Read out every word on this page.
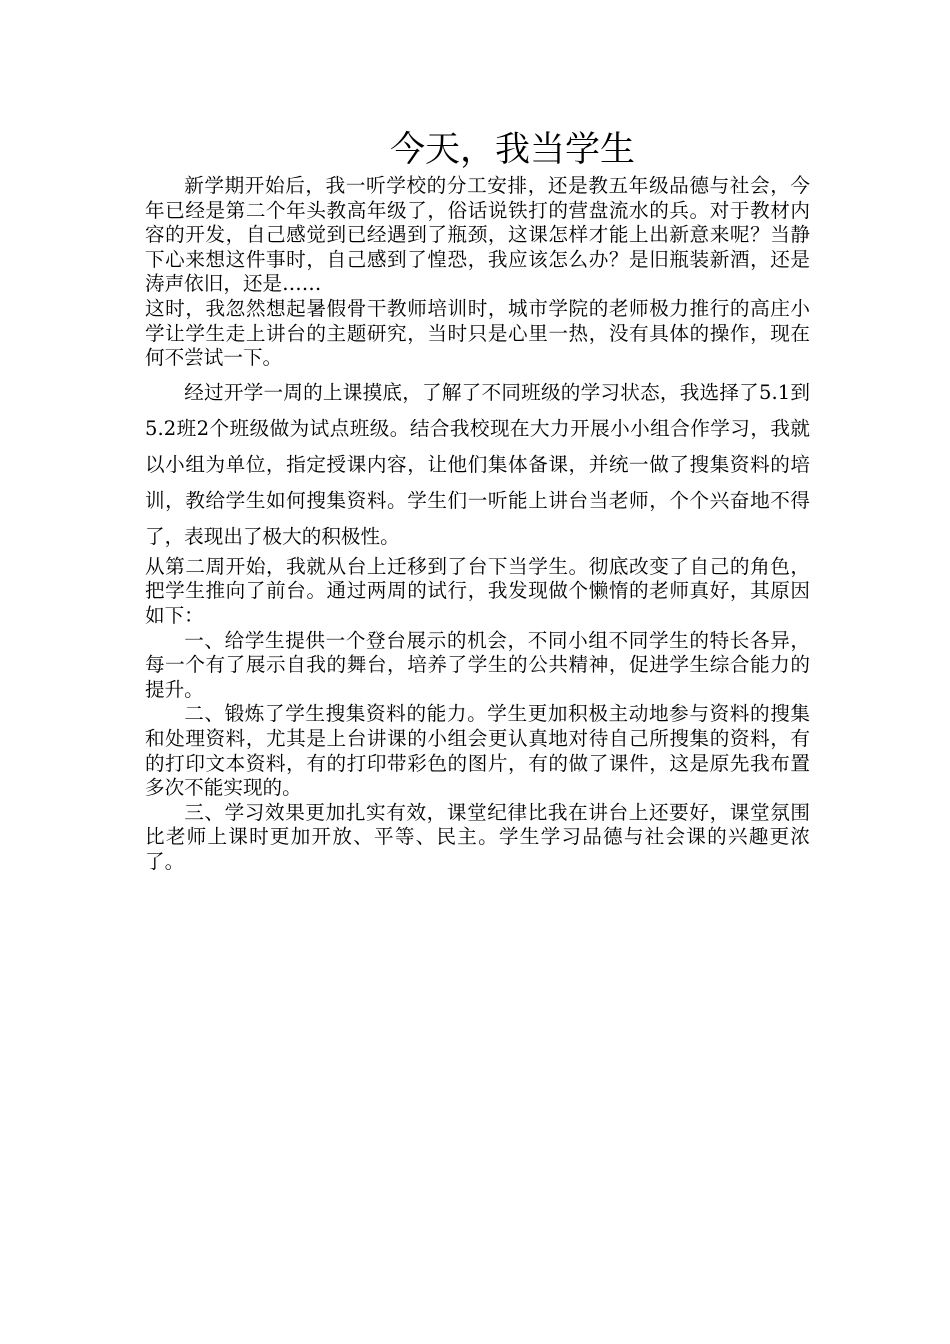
今天，我当学生

新学期开始后，我一听学校的分工安排，还是教五年级品德与社会，今年已经是第二个年头教高年级了，俗话说铁打的营盘流水的兵。对于教材内容的开发，自己感觉到已经遇到了瓶颈，这课怎样才能上出新意来呢？当静下心来想这件事时，自己感到了惶恐，我应该怎么办？是旧瓶装新酒，还是涛声依旧，还是……

这时，我忽然想起暑假骨干教师培训时，城市学院的老师极力推行的高庄小学让学生走上讲台的主题研究，当时只是心里一热，没有具体的操作，现在何不尝试一下。

经过开学一周的上课摸底，了解了不同班级的学习状态，我选择了5.1到5.2班2个班级做为试点班级。结合我校现在大力开展小小组合作学习，我就以小组为单位，指定授课内容，让他们集体备课，并统一做了搜集资料的培训，教给学生如何搜集资料。学生们一听能上讲台当老师，个个兴奋地不得了，表现出了极大的积极性。

从第二周开始，我就从台上迁移到了台下当学生。彻底改变了自己的角色，把学生推向了前台。通过两周的试行，我发现做个懒惰的老师真好，其原因如下：

一、给学生提供一个登台展示的机会，不同小组不同学生的特长各异，每一个有了展示自我的舞台，培养了学生的公共精神，促进学生综合能力的提升。

二、锻炼了学生搜集资料的能力。学生更加积极主动地参与资料的搜集和处理资料，尤其是上台讲课的小组会更认真地对待自己所搜集的资料，有的打印文本资料，有的打印带彩色的图片，有的做了课件，这是原先我布置多次不能实现的。

三、学习效果更加扎实有效，课堂纪律比我在讲台上还要好，课堂氛围比老师上课时更加开放、平等、民主。学生学习品德与社会课的兴趣更浓了。
